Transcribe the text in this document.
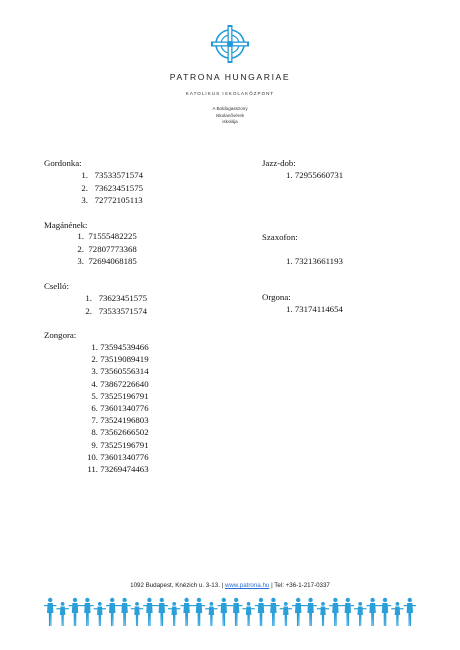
PATRONA HUNGARIAE
KATOLIKUS ISKOLAKÖZPONT
A Boldogasszony
Iskolanővérek
iskolája
Gordonka:
1. 73533571574
2. 73623451575
3. 72772105113
Magánének:
1. 71555482225
2. 72807773368
3. 72694068185
Cselló:
1. 73623451575
2. 73533571574
Zongora:
1. 73594539466
2. 73519089419
3. 73560556314
4. 73867226640
5. 73525196791
6. 73601340776
7. 73524196803
8. 73562666502
9. 73525196791
10. 73601340776
11. 73269474463
Jazz-dob:
1. 72955660731
Szaxofon:
1. 73213661193
Orgona:
1. 73174114654
1092 Budapest, Knézich u. 3-13. | www.patrona.hu | Tel: +36-1-217-0337
